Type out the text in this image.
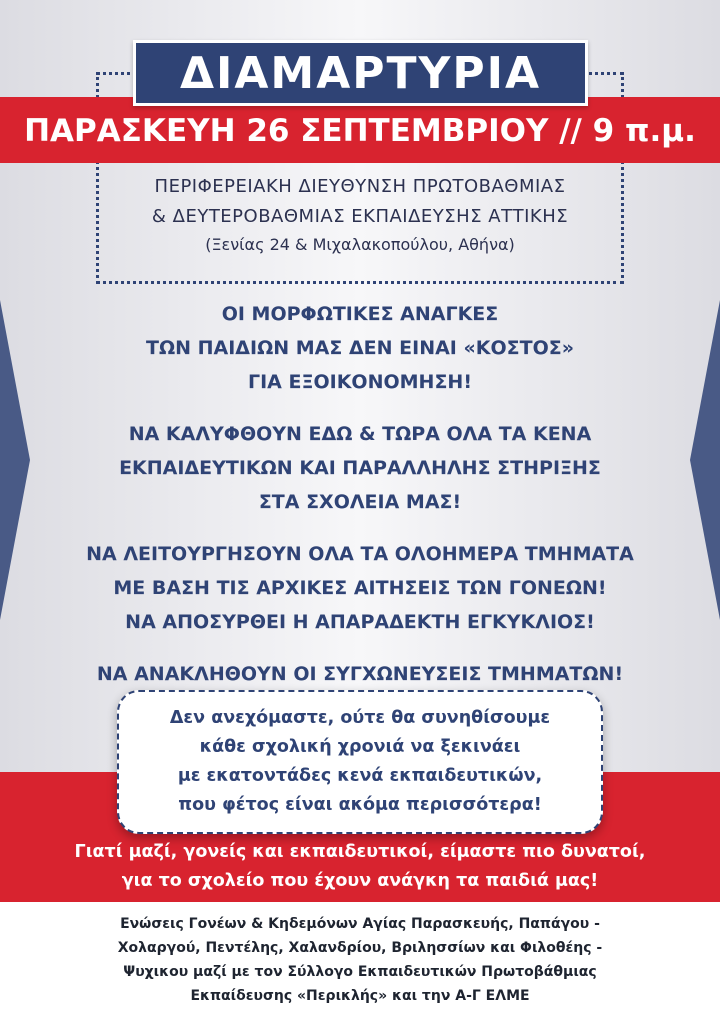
ΔΙΑΜΑΡΤΥΡΙΑ
ΠΑΡΑΣΚΕΥΗ 26 ΣΕΠΤΕΜΒΡΙΟΥ // 9 π.μ.
ΠΕΡΙΦΕΡΕΙΑΚΗ ΔΙΕΥΘΥΝΣΗ ΠΡΩΤΟΒΑΘΜΙΑΣ
& ΔΕΥΤΕΡΟΒΑΘΜΙΑΣ ΕΚΠΑΙΔΕΥΣΗΣ ΑΤΤΙΚΗΣ
(Ξενίας 24 & Μιχαλακοπούλου, Αθήνα)
ΟΙ ΜΟΡΦΩΤΙΚΕΣ ΑΝΑΓΚΕΣ
ΤΩΝ ΠΑΙΔΙΩΝ ΜΑΣ ΔΕΝ ΕΙΝΑΙ «ΚΟΣΤΟΣ»
ΓΙΑ ΕΞΟΙΚΟΝΟΜΗΣΗ!
ΝΑ ΚΑΛΥΦΘΟΥΝ ΕΔΩ & ΤΩΡΑ ΟΛΑ ΤΑ ΚΕΝΑ
ΕΚΠΑΙΔΕΥΤΙΚΩΝ ΚΑΙ ΠΑΡΑΛΛΗΛΗΣ ΣΤΗΡΙΞΗΣ
ΣΤΑ ΣΧΟΛΕΙΑ ΜΑΣ!
ΝΑ ΛΕΙΤΟΥΡΓΗΣΟΥΝ ΟΛΑ ΤΑ ΟΛΟΗΜΕΡΑ ΤΜΗΜΑΤΑ
ΜΕ ΒΑΣΗ ΤΙΣ ΑΡΧΙΚΕΣ ΑΙΤΗΣΕΙΣ ΤΩΝ ΓΟΝΕΩΝ!
ΝΑ ΑΠΟΣΥΡΘΕΙ Η ΑΠΑΡΑΔΕΚΤΗ ΕΓΚΥΚΛΙΟΣ!
ΝΑ ΑΝΑΚΛΗΘΟΥΝ ΟΙ ΣΥΓΧΩΝΕΥΣΕΙΣ ΤΜΗΜΑΤΩΝ!
Δεν ανεχόμαστε, ούτε θα συνηθίσουμε
κάθε σχολική χρονιά να ξεκινάει
με εκατοντάδες κενά εκπαιδευτικών,
που φέτος είναι ακόμα περισσότερα!
Γιατί μαζί, γονείς και εκπαιδευτικοί, είμαστε πιο δυνατοί,
για το σχολείο που έχουν ανάγκη τα παιδιά μας!
Ενώσεις Γονέων & Κηδεμόνων Αγίας Παρασκευής, Παπάγου -
Χολαργού, Πεντέλης, Χαλανδρίου, Βριλησσίων και Φιλοθέης -
Ψυχικου μαζί με τον Σύλλογο Εκπαιδευτικών Πρωτοβάθμιας
Εκπαίδευσης «Περικλής» και την Α-Γ ΕΛΜΕ
